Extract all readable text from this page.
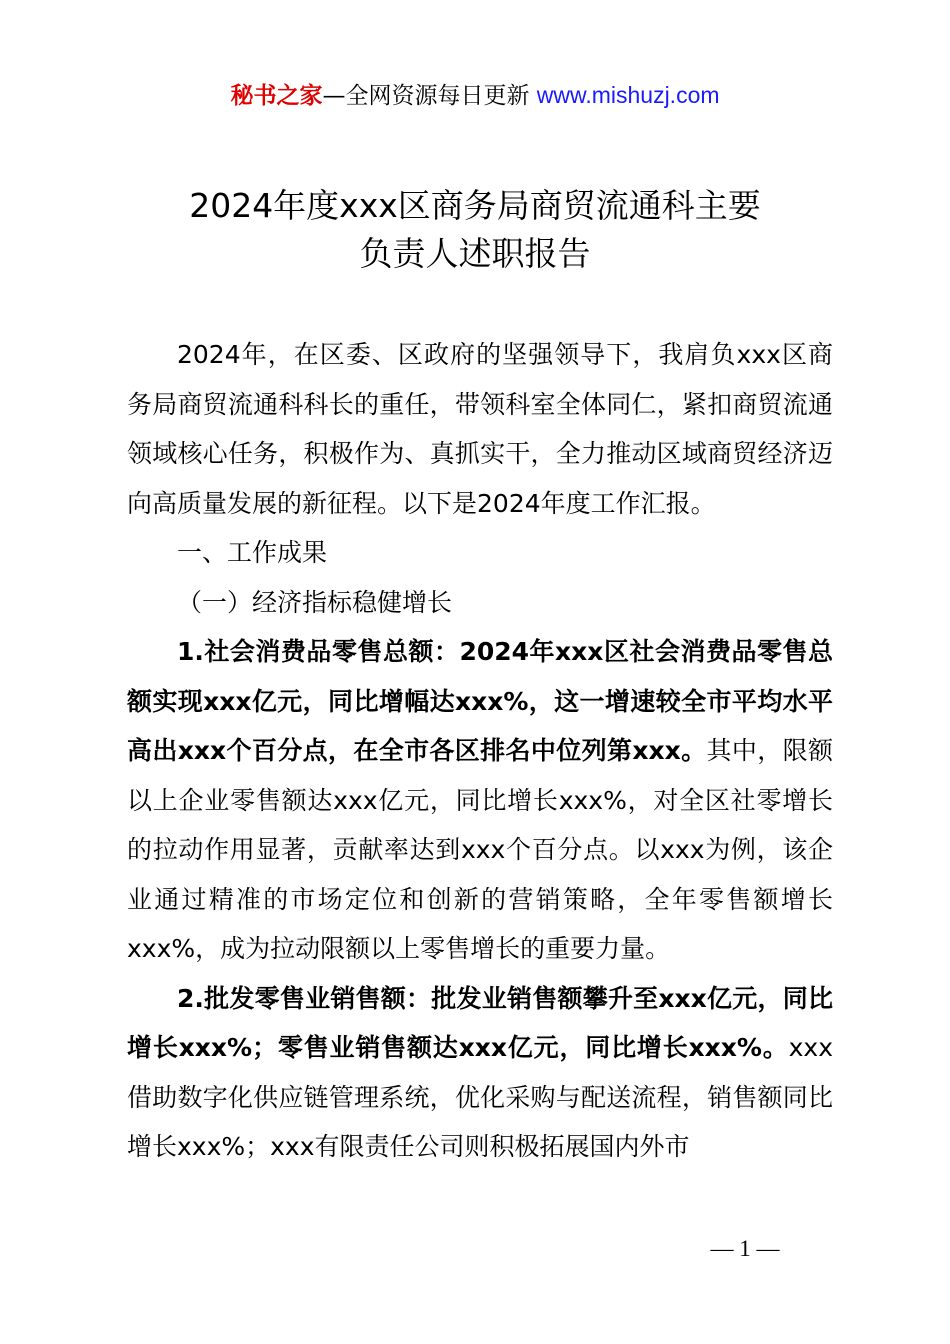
秘书之家—全网资源每日更新 www.mishuzj.com
2024年度xxx区商务局商贸流通科主要
负责人述职报告

2024年，在区委、区政府的坚强领导下，我肩负xxx区商务局商贸流通科科长的重任，带领科室全体同仁，紧扣商贸流通领域核心任务，积极作为、真抓实干，全力推动区域商贸经济迈向高质量发展的新征程。以下是2024年度工作汇报。

一、工作成果

（一）经济指标稳健增长

1.社会消费品零售总额：2024年xxx区社会消费品零售总额实现xxx亿元，同比增幅达xxx%，这一增速较全市平均水平高出xxx个百分点，在全市各区排名中位列第xxx。其中，限额以上企业零售额达xxx亿元，同比增长xxx%，对全区社零增长的拉动作用显著，贡献率达到xxx个百分点。以xxx为例，该企业通过精准的市场定位和创新的营销策略，全年零售额增长xxx%，成为拉动限额以上零售增长的重要力量。

2.批发零售业销售额：批发业销售额攀升至xxx亿元，同比增长xxx%；零售业销售额达xxx亿元，同比增长xxx%。xxx借助数字化供应链管理系统，优化采购与配送流程，销售额同比增长xxx%；xxx有限责任公司则积极拓展国内外市

— 1 —
